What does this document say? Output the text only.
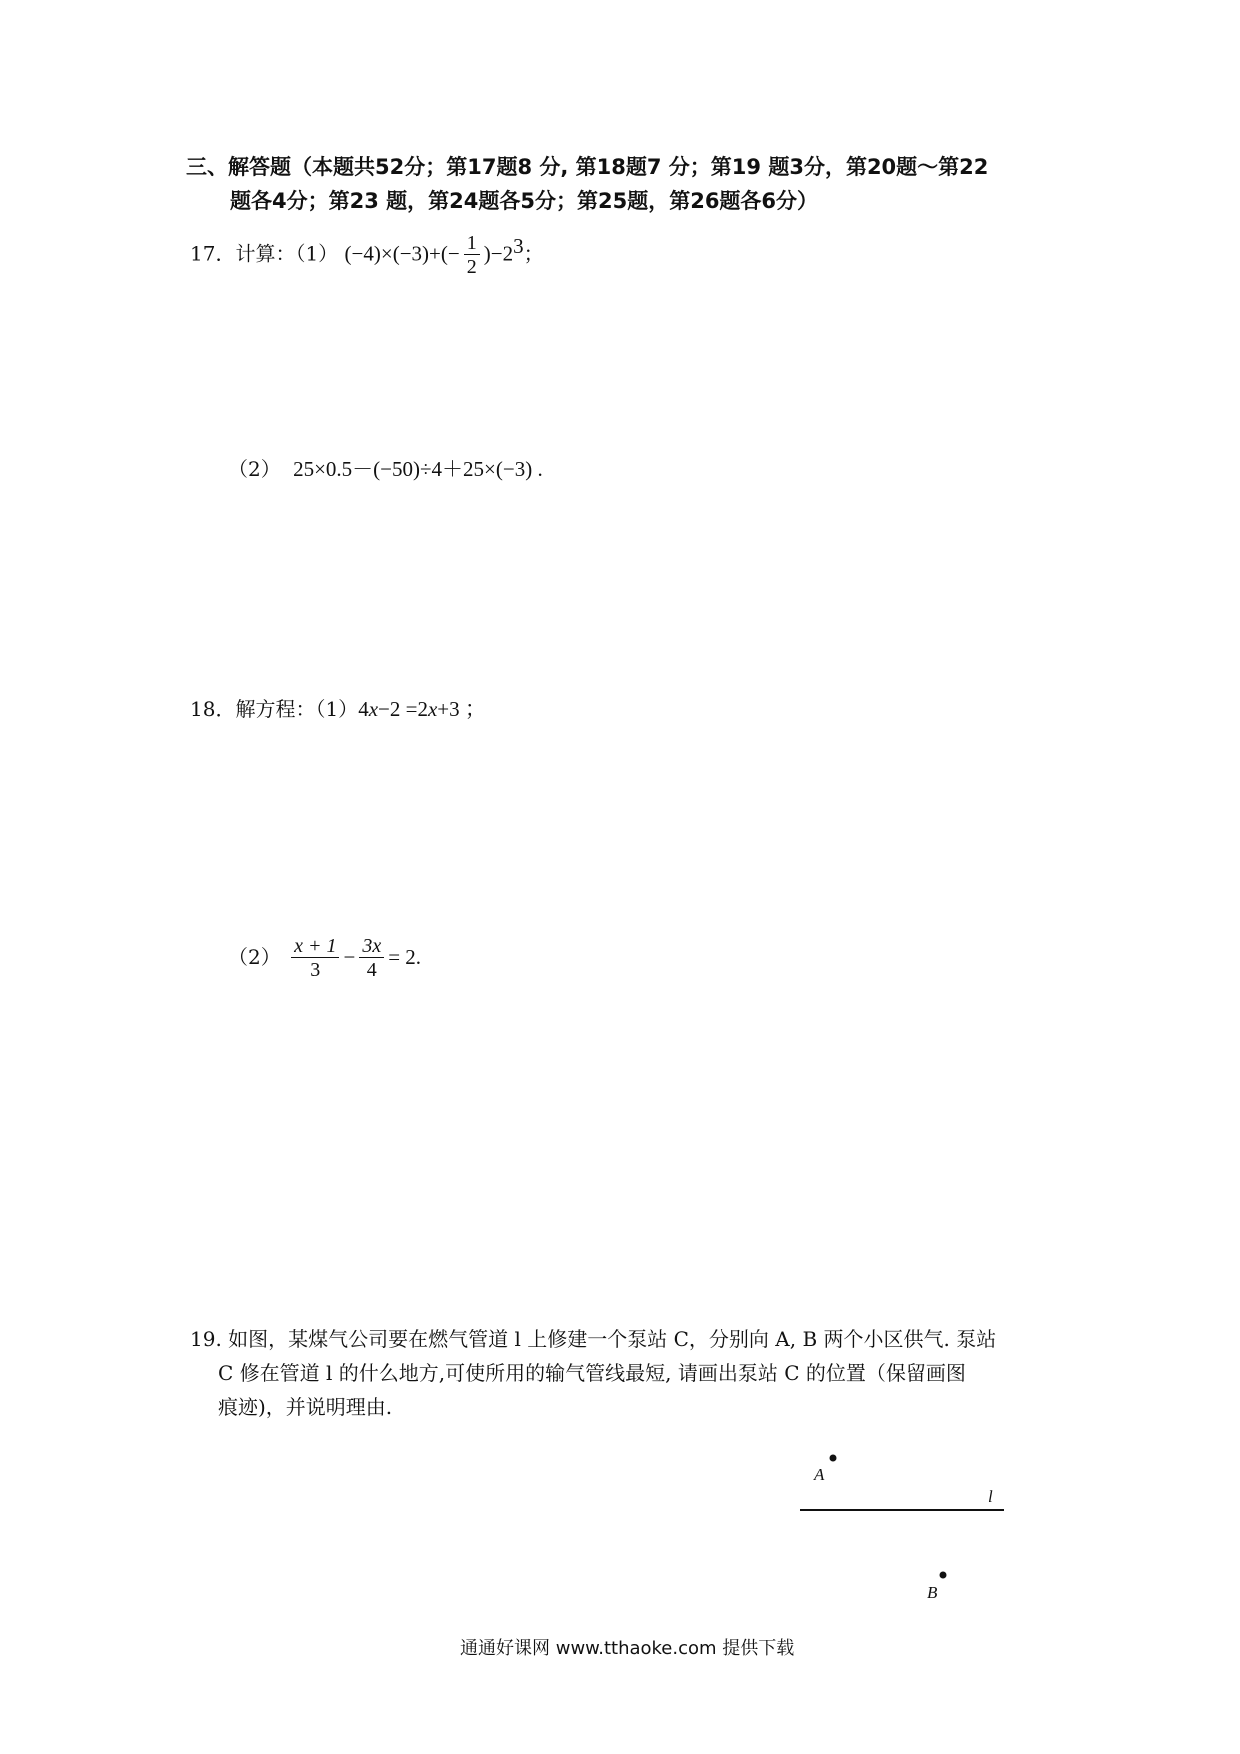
三、解答题（本题共52分；第17题8 分, 第18题7 分；第19 题3分，第20题～第22
题各4分；第23 题，第24题各5分；第25题，第26题各6分）
17．计算：（1） $(-4)\times(-3)+(- \frac{1}{2} )-2^3$；
（2） 25×0.5－(−50)÷4＋25×(−3) .
18．解方程：（1）4x−2 =2x+3 ；
$(2) \frac{x + 1}{3} - \frac{3x}{4} = 2$.
19. 如图，某煤气公司要在燃气管道 l 上修建一个泵站 C，分别向 A, B 两个小区供气. 泵站
C 修在管道 l 的什么地方,可使所用的输气管线最短, 请画出泵站 C 的位置（保留画图
痕迹)，并说明理由.
A
l
B
通通好课网 www.tthaoke.com 提供下载
